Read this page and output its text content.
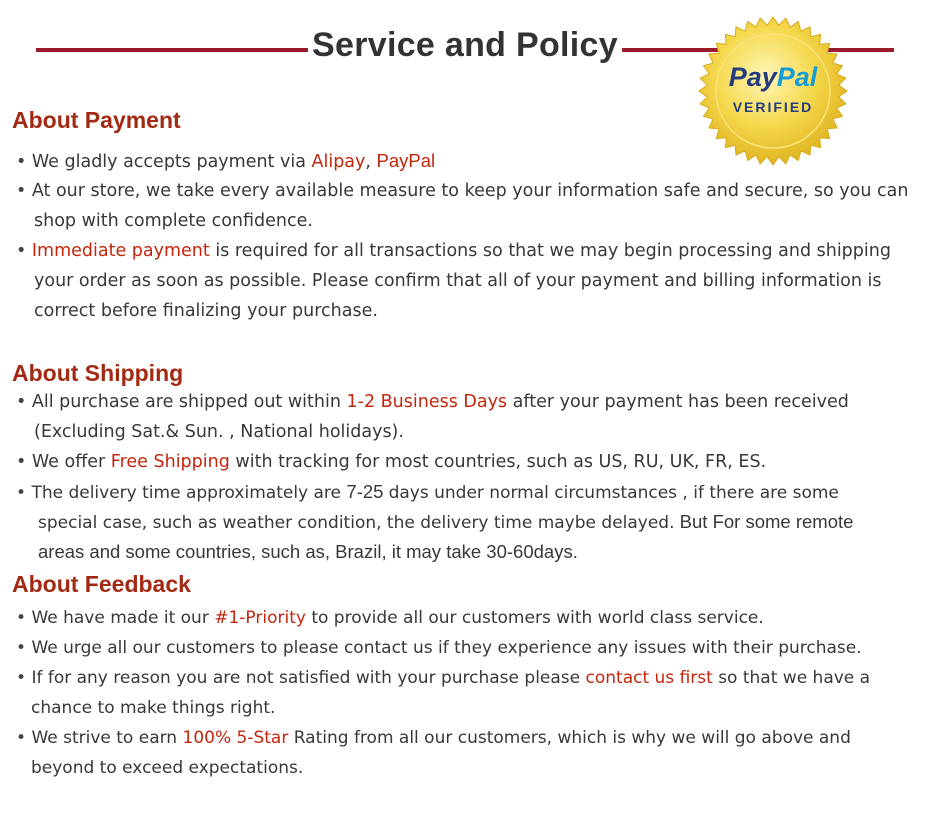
Service and Policy
PayPal
VERIFIED
About Payment
• We gladly accepts payment via Alipay, PayPal
• At our store, we take every available measure to keep your information safe and secure, so you can
shop with complete confidence.
• Immediate payment is required for all transactions so that we may begin processing and shipping
your order as soon as possible. Please confirm that all of your payment and billing information is
correct before finalizing your purchase.
About Shipping
• All purchase are shipped out within 1-2 Business Days after your payment has been received
(Excluding Sat.& Sun. , National holidays).
• We offer Free Shipping with tracking for most countries, such as US, RU, UK, FR, ES.
• The delivery time approximately are 7-25 days under normal circumstances , if there are some
special case, such as weather condition, the delivery time maybe delayed. But For some remote
areas and some countries, such as, Brazil, it may take 30-60days.
About Feedback
• We have made it our #1-Priority to provide all our customers with world class service.
• We urge all our customers to please contact us if they experience any issues with their purchase.
• If for any reason you are not satisfied with your purchase please contact us first so that we have a
chance to make things right.
• We strive to earn 100% 5-Star Rating from all our customers, which is why we will go above and
beyond to exceed expectations.
